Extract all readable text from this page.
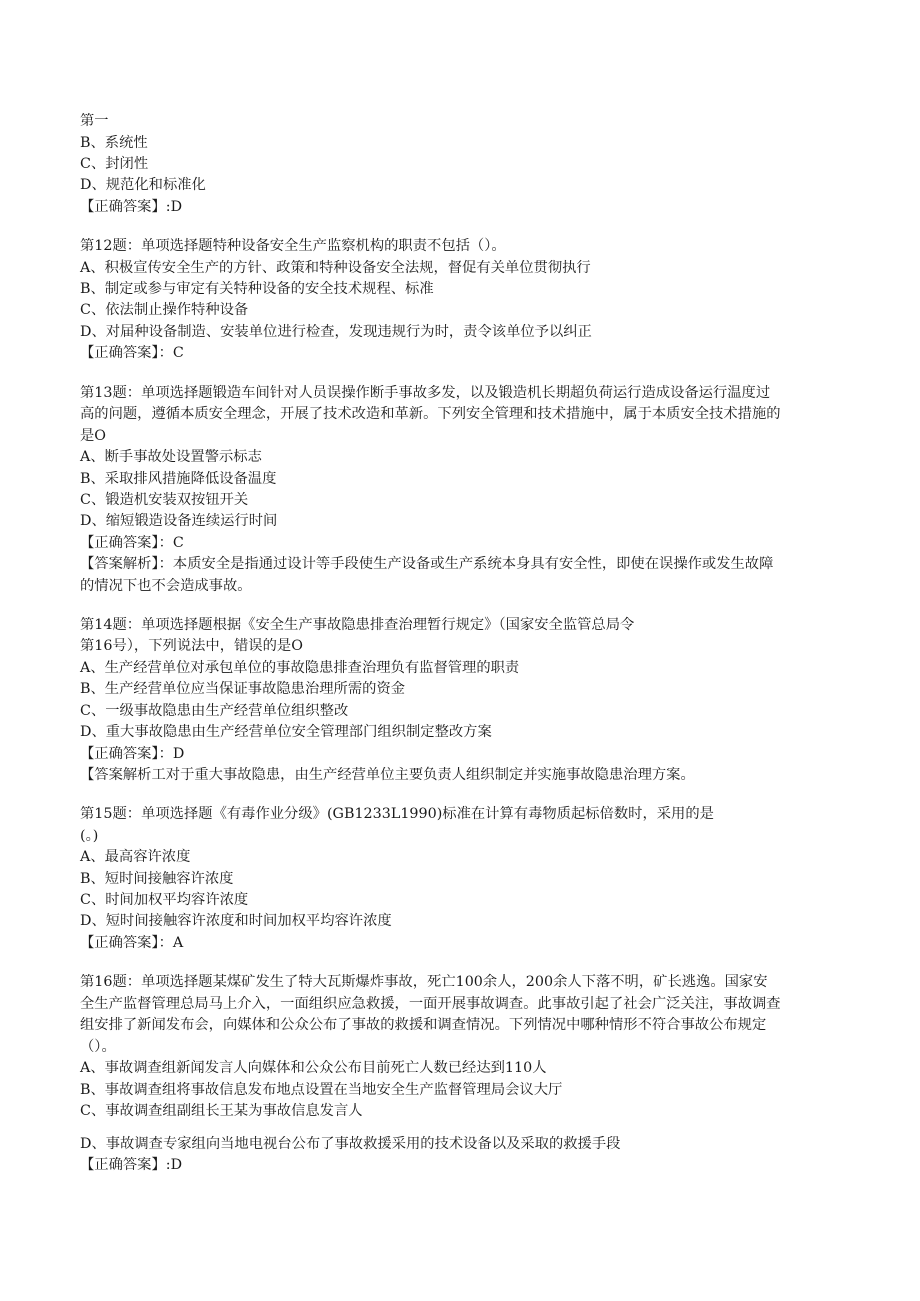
第一
B、系统性
C、封闭性
D、规范化和标准化
【正确答案】:D
第12题：单项选择题特种设备安全生产监察机构的职责不包括（）。
A、积极宣传安全生产的方针、政策和特种设备安全法规，督促有关单位贯彻执行
B、制定或参与审定有关特种设备的安全技术规程、标准
C、依法制止操作特种设备
D、对届种设备制造、安装单位进行检查，发现违规行为时，责令该单位予以纠正
【正确答案】：C
第13题：单项选择题锻造车间针对人员误操作断手事故多发，以及锻造机长期超负荷运行造成设备运行温度过
高的问题，遵循本质安全理念，开展了技术改造和革新。下列安全管理和技术措施中，属于本质安全技术措施的
是O
A、断手事故处设置警示标志
B、采取排风措施降低设备温度
C、锻造机安装双按钮开关
D、缩短锻造设备连续运行时间
【正确答案】：C
【答案解析】：本质安全是指通过设计等手段使生产设备或生产系统本身具有安全性，即使在误操作或发生故障
的情况下也不会造成事故。
第14题：单项选择题根据《安全生产事故隐患排查治理暂行规定》（国家安全监管总局令
第16号），下列说法中，错误的是O
A、生产经营单位对承包单位的事故隐患排查治理负有监督管理的职责
B、生产经营单位应当保证事故隐患治理所需的资金
C、一级事故隐患由生产经营单位组织整改
D、重大事故隐患由生产经营单位安全管理部门组织制定整改方案
【正确答案】：D
【答案解析工对于重大事故隐患，由生产经营单位主要负责人组织制定并实施事故隐患治理方案。
第15题：单项选择题《有毒作业分级》(GB1233L1990)标准在计算有毒物质起标倍数时，采用的是
(。)
A、最高容许浓度
B、短时间接触容许浓度
C、时间加权平均容许浓度
D、短时间接触容许浓度和时间加权平均容许浓度
【正确答案】：A
第16题：单项选择题某煤矿发生了特大瓦斯爆炸事故，死亡100余人，200余人下落不明，矿长逃逸。国家安
全生产监督管理总局马上介入，一面组织应急救援，一面开展事故调查。此事故引起了社会广泛关注，事故调查
组安排了新闻发布会，向媒体和公众公布了事故的救援和调查情况。下列情况中哪种情形不符合事故公布规定
（）。
A、事故调查组新闻发言人向媒体和公众公布目前死亡人数已经达到110人
B、事故调查组将事故信息发布地点设置在当地安全生产监督管理局会议大厅
C、事故调查组副组长王某为事故信息发言人
D、事故调查专家组向当地电视台公布了事故救援采用的技术设备以及采取的救援手段
【正确答案】:D
